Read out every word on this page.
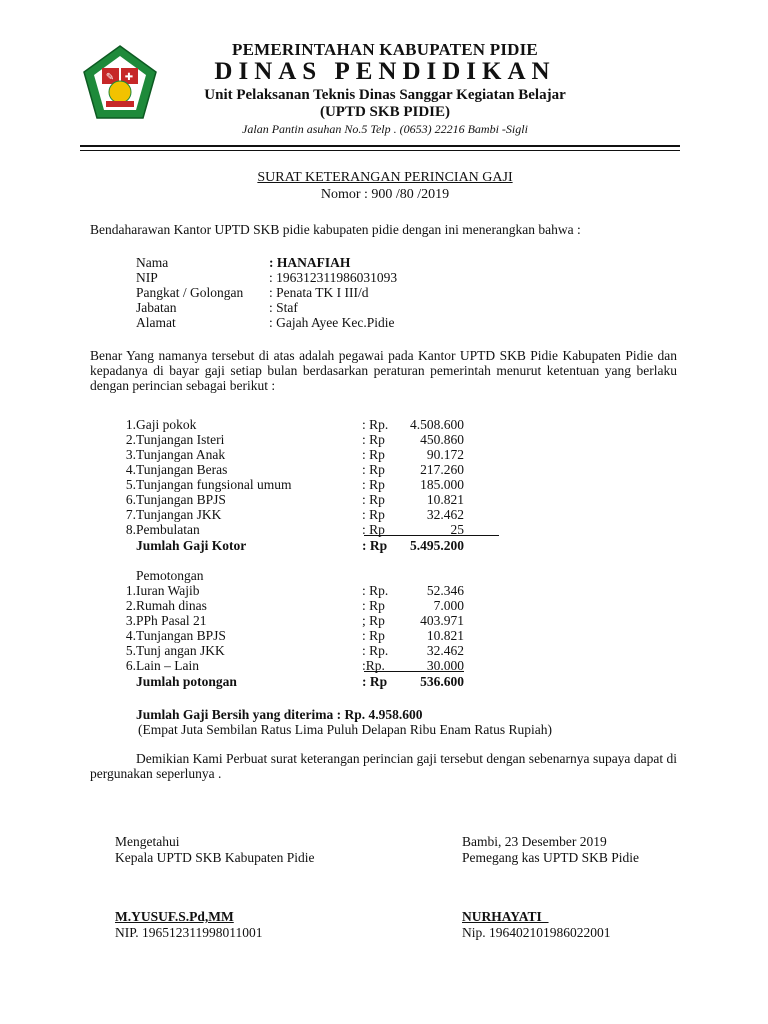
✎ ✚
PEMERINTAHAN KABUPATEN PIDIE
DINAS PENDIDIKAN
Unit Pelaksanan Teknis Dinas Sanggar Kegiatan Belajar
(UPTD SKB PIDIE)
Jalan Pantin asuhan No.5 Telp . (0653) 22216 Bambi -Sigli
SURAT KETERANGAN PERINCIAN GAJI
Nomor : 900 /80 /2019
Bendaharawan Kantor UPTD SKB pidie kabupaten pidie dengan ini menerangkan bahwa :
Nama	: HANAFIAH
NIP	: 196312311986031093
Pangkat / Golongan : Penata TK I III/d
Jabatan	: Staf
Alamat	: Gajah Ayee Kec.Pidie
Benar Yang namanya tersebut di atas adalah pegawai pada Kantor UPTD SKB Pidie Kabupaten Pidie dan kepadanya di bayar gaji setiap bulan berdasarkan peraturan pemerintah menurut ketentuan yang berlaku dengan perincian sebagai berikut :
1. Gaji pokok	: Rp.	4.508.600
2. Tunjangan Isteri	: Rp	450.860
3. Tunjangan Anak	: Rp	90.172
4. Tunjangan Beras	: Rp	217.260
5. Tunjangan fungsional umum	: Rp	185.000
6. Tunjangan BPJS	: Rp	10.821
7. Tunjangan JKK	: Rp	32.462
8. Pembulatan	: Rp	25
Jumlah Gaji Kotor	: Rp	5.495.200
Pemotongan
1. Iuran Wajib	: Rp.	52.346
2. Rumah dinas	: Rp	7.000
3. PPh Pasal 21	; Rp	403.971
4. Tunjangan BPJS	: Rp	10.821
5. Tunj angan JKK	: Rp.	32.462
6. Lain – Lain	:Rp.	30.000
Jumlah potongan	: Rp	536.600
Jumlah Gaji Bersih yang diterima : Rp. 4.958.600
(Empat Juta Sembilan Ratus Lima Puluh Delapan Ribu Enam Ratus Rupiah)
Demikian Kami Perbuat surat keterangan perincian gaji tersebut dengan sebenarnya supaya dapat di pergunakan seperlunya .
Mengetahui
Kepala UPTD SKB Kabupaten Pidie
Bambi, 23 Desember 2019
Pemegang kas UPTD SKB Pidie
M.YUSUF.S.Pd,MM	NURHAYATI
NIP. 196512311998011001	Nip. 196402101986022001
